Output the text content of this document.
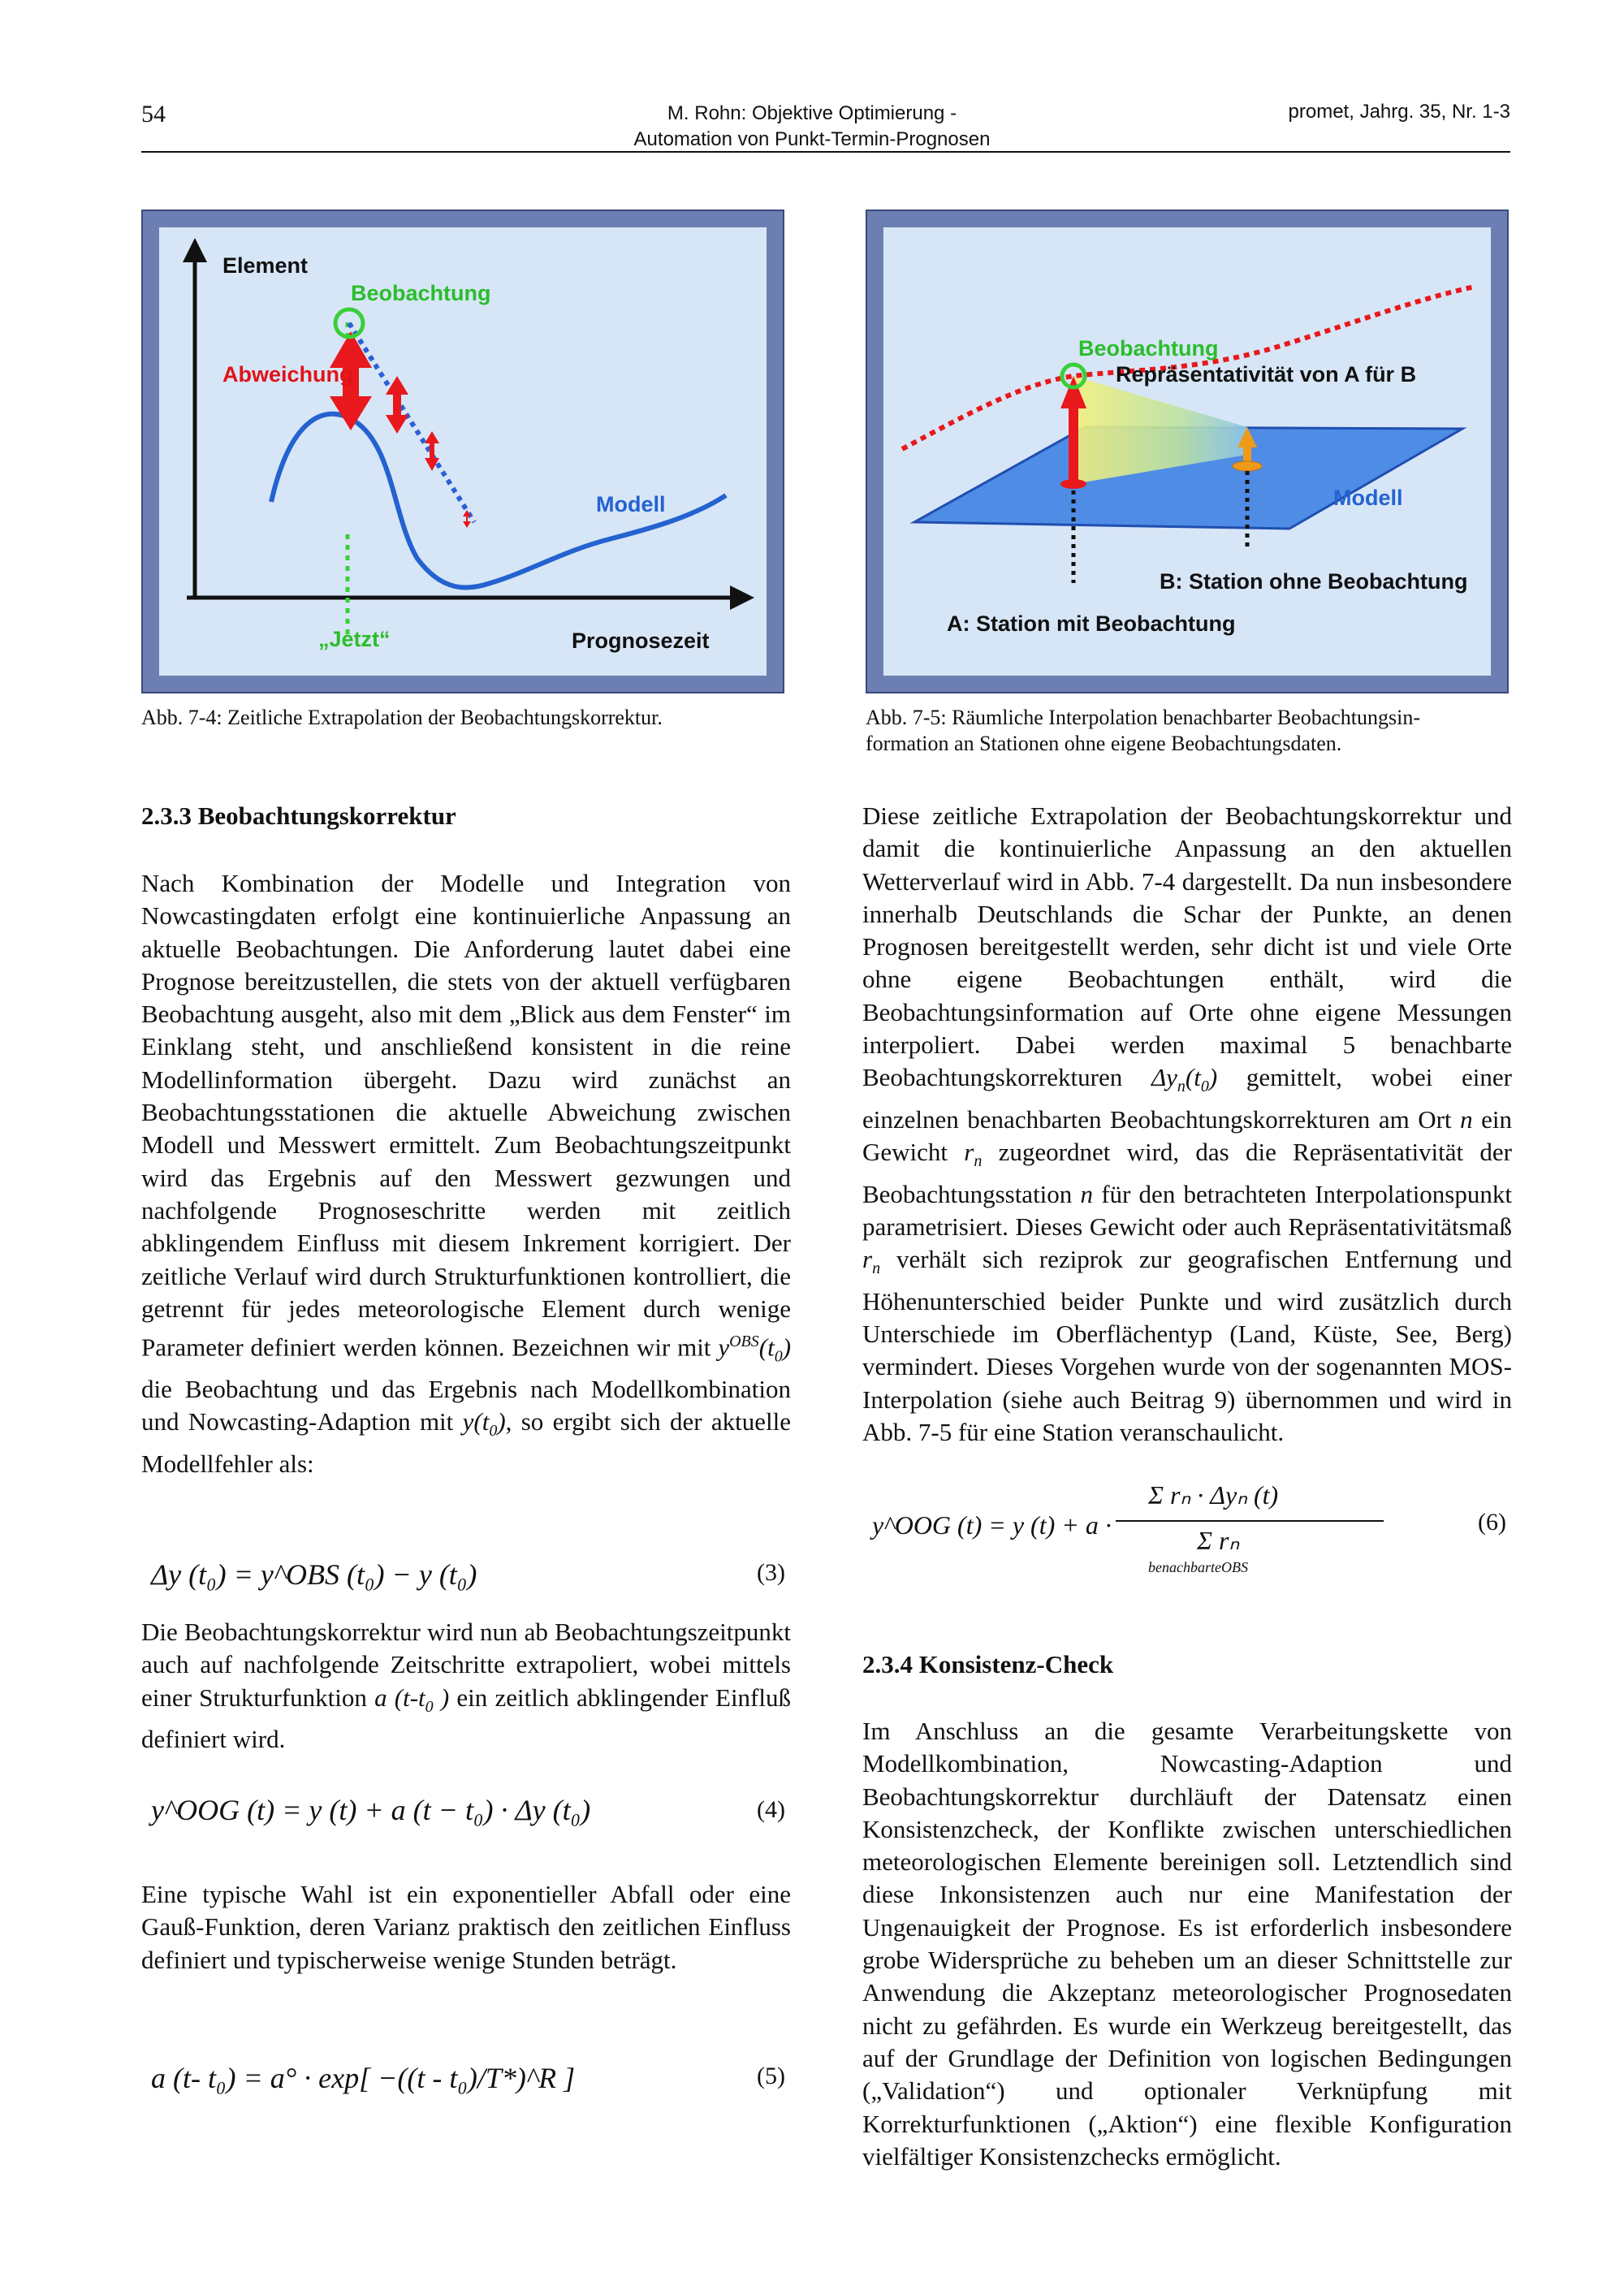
54	M. Rohn: Objektive Optimierung -
Automation von Punkt-Termin-Prognosen
promet, Jahrg. 35, Nr. 1-3
Element
Beobachtung
Abweichung
Modell
„Jetzt“	Prognosezeit
Beobachtung
Repräsentativität von A für B
Modell
B: Station ohne Beobachtung
A: Station mit Beobachtung
Abb. 7-4: Zeitliche Extrapolation der Beobachtungskorrektur.	Abb. 7-5: Räumliche Interpolation benachbarter Beobachtungsin-
formation an Stationen ohne eigene Beobachtungsdaten.
2.3.3 Beobachtungskorrektur

Nach Kombination der Modelle und Integration von Nowcastingdaten erfolgt eine kontinuierliche Anpassung an aktuelle Beobachtungen. Die Anforderung lautet dabei eine Prognose bereitzustellen, die stets von der aktuell verfügbaren Beobachtung ausgeht, also mit dem „Blick aus dem Fenster“ im Einklang steht, und anschließend konsistent in die reine Modellinformation übergeht. Dazu wird zunächst an Beobachtungsstationen die aktuelle Abweichung zwischen Modell und Messwert ermittelt. Zum Beobachtungszeitpunkt wird das Ergebnis auf den Messwert gezwungen und nachfolgende Prognoseschritte werden mit zeitlich abklingendem Einfluss mit diesem Inkrement korrigiert. Der zeitliche Verlauf wird durch Strukturfunktionen kontrolliert, die getrennt für jedes meteorologische Element durch wenige Parameter definiert werden können. Bezeichnen wir mit $y^{OBS}(t_0)$ die Beobachtung und das Ergebnis nach Modellkombination und Nowcasting-Adaption mit $y(t_0)$, so ergibt sich der aktuelle Modellfehler als:

Δy (t₀) = y^OBS (t₀) − y (t₀)	(3)

Die Beobachtungskorrektur wird nun ab Beobachtungszeitpunkt auch auf nachfolgende Zeitschritte extrapoliert, wobei mittels einer Strukturfunktion a ($t-t_0$ ) ein zeitlich abklingender Einfluß definiert wird.

y^OOG (t) = y (t) + a (t − t₀) · Δy (t₀)	(4)
Eine typische Wahl ist ein exponentieller Abfall oder eine Gauß-Funktion, deren Varianz praktisch den zeitlichen Einfluss definiert und typischerweise wenige Stunden beträgt.
a (t- t₀) = a° · exp[ −((t - t₀)/T*)^R ]	(5)

Diese zeitliche Extrapolation der Beobachtungskorrektur und damit die kontinuierliche Anpassung an den aktuellen Wetterverlauf wird in Abb. 7-4 dargestellt. Da nun insbesondere innerhalb Deutschlands die Schar der Punkte, an denen Prognosen bereitgestellt werden, sehr dicht ist und viele Orte ohne eigene Beobachtungen enthält, wird die Beobachtungsinformation auf Orte ohne eigene Messungen interpoliert. Dabei werden maximal 5 benachbarte Beobachtungskorrekturen $\Delta y_n(t_0)$ gemittelt, wobei einer einzelnen benachbarten Beobachtungskorrekturen am Ort n ein Gewicht $r_n$ zugeordnet wird, das die Repräsentativität der Beobachtungsstation n für den betrachteten Interpolationspunkt parametrisiert. Dieses Gewicht oder auch Repräsentativitätsmaß $r_n$ verhält sich reziprok zur geografischen Entfernung und Höhenunterschied beider Punkte und wird zusätzlich durch Unterschiede im Oberflächentyp (Land, Küste, See, Berg) vermindert. Dieses Vorgehen wurde von der sogenannten MOS-Interpolation (siehe auch Beitrag 9) übernommen und wird in Abb. 7-5 für eine Station veranschaulicht.

y^OOG (t) = y (t) + a ·
Σ rₙ · Δyₙ (t)
Σ rₙ
benachbarteOBS
(6)
2.3.4 Konsistenz-Check
Im Anschluss an die gesamte Verarbeitungskette von Modellkombination, Nowcasting-Adaption und Beobachtungskorrektur durchläuft der Datensatz einen Konsistenzcheck, der Konflikte zwischen unterschiedlichen meteorologischen Elemente bereinigen soll. Letztendlich sind diese Inkonsistenzen auch nur eine Manifestation der Ungenauigkeit der Prognose. Es ist erforderlich insbesondere grobe Widersprüche zu beheben um an dieser Schnittstelle zur Anwendung die Akzeptanz meteorologischer Prognosedaten nicht zu gefährden. Es wurde ein Werkzeug bereitgestellt, das auf der Grundlage der Definition von logischen Bedingungen („Validation“) und optionaler Verknüpfung mit Korrekturfunktionen („Aktion“) eine flexible Konfiguration vielfältiger Konsistenzchecks ermöglicht.
